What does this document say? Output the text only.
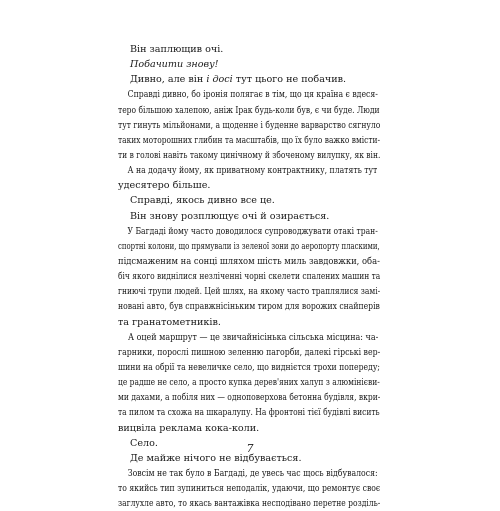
Він заплющив очі.
Побачити знову!
Дивно, але він і досі тут цього не побачив.
Справді дивно, бо іронія полягає в тім, що ця країна є вдеся-
теро більшою халепою, аніж Ірак будь-коли був, є чи буде. Люди
тут гинуть мільйонами, а щоденне і буденне варварство сягнуло
таких моторошних глибин та масштабів, що їх було важко вмісти-
ти в голові навіть такому цинічному й збоченому вилупку, як він.
А на додачу йому, як приватному контрактнику, платять тут
удесятеро більше.
Справді, якось дивно все це.
Він знову розплющує очі й озирається.
У Багдаді йому часто доводилося супроводжувати отакі тран-
спортні колони, що прямували із зеленої зони до аеропорту плаcкими,
підсмаженим на сонці шляхом шість миль завдовжки, оба-
біч якого виднілися незліченні чорні скелети спалених машин та
гниючі трупи людей. Цей шлях, на якому часто траплялися замі-
новані авто, був справжнісіньким тиром для ворожих снайперів
та гранатометників.
А оцей маршрут — це звичайнісінька сільська місцина: ча-
гарники, порослі пишною зеленню пагорби, далекі гірські вер-
шини на обрії та невеличке село, що виднієтся трохи попереду;
це радше не село, а просто купка дерев'яних халуп з алюмінієви-
ми дахами, а побіля них — одноповерхова бетонна будівля, вкри-
та пилом та схожа на шкаралупу. На фронтоні тієї будівлі висить
вицвіла реклама кока-коли.
Село.
Де майже нічого не відбувається.
Зовсім не так було в Багдаді, де увесь час щось відбувалося:
то якийсь тип зупиниться неподалік, удаючи, що ремонтує своє
заглухле авто, то якась вантажівка несподівано перетне розділь-
7
